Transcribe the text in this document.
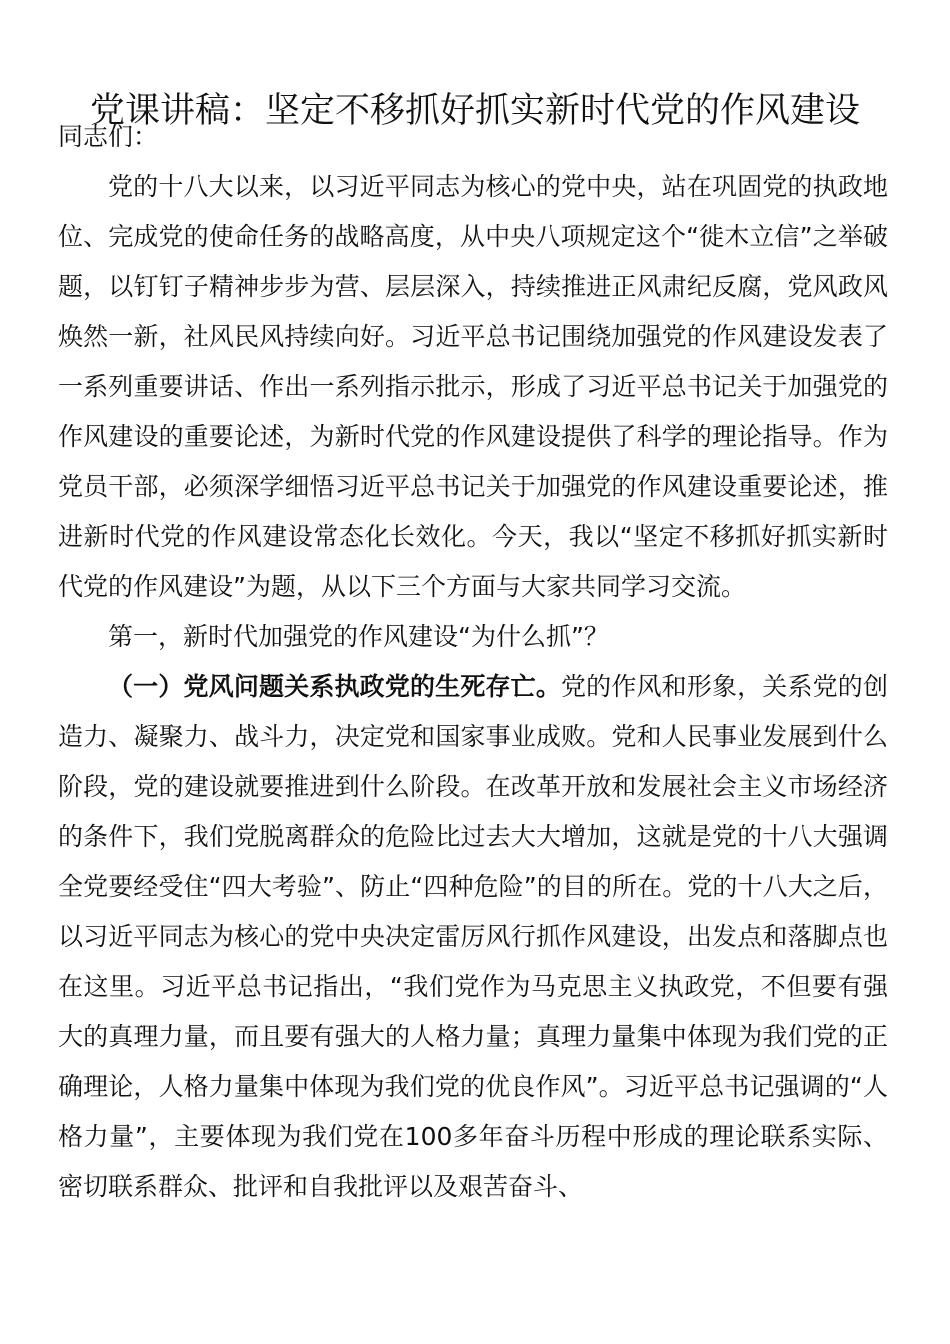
党课讲稿：坚定不移抓好抓实新时代党的作风建设

同志们：

党的十八大以来，以习近平同志为核心的党中央，站在巩固党的执政地位、完成党的使命任务的战略高度，从中央八项规定这个“徙木立信”之举破题，以钉钉子精神步步为营、层层深入，持续推进正风肃纪反腐，党风政风焕然一新，社风民风持续向好。习近平总书记围绕加强党的作风建设发表了一系列重要讲话、作出一系列指示批示，形成了习近平总书记关于加强党的作风建设的重要论述，为新时代党的作风建设提供了科学的理论指导。作为党员干部，必须深学细悟习近平总书记关于加强党的作风建设重要论述，推进新时代党的作风建设常态化长效化。今天，我以“坚定不移抓好抓实新时代党的作风建设”为题，从以下三个方面与大家共同学习交流。

第一，新时代加强党的作风建设“为什么抓”？

（一）党风问题关系执政党的生死存亡。党的作风和形象，关系党的创造力、凝聚力、战斗力，决定党和国家事业成败。党和人民事业发展到什么阶段，党的建设就要推进到什么阶段。在改革开放和发展社会主义市场经济的条件下，我们党脱离群众的危险比过去大大增加，这就是党的十八大强调全党要经受住“四大考验”、防止“四种危险”的目的所在。党的十八大之后，以习近平同志为核心的党中央决定雷厉风行抓作风建设，出发点和落脚点也在这里。习近平总书记指出，“我们党作为马克思主义执政党，不但要有强大的真理力量，而且要有强大的人格力量；真理力量集中体现为我们党的正确理论，人格力量集中体现为我们党的优良作风”。习近平总书记强调的“人格力量”，主要体现为我们党在100多年奋斗历程中形成的理论联系实际、密切联系群众、批评和自我批评以及艰苦奋斗、
